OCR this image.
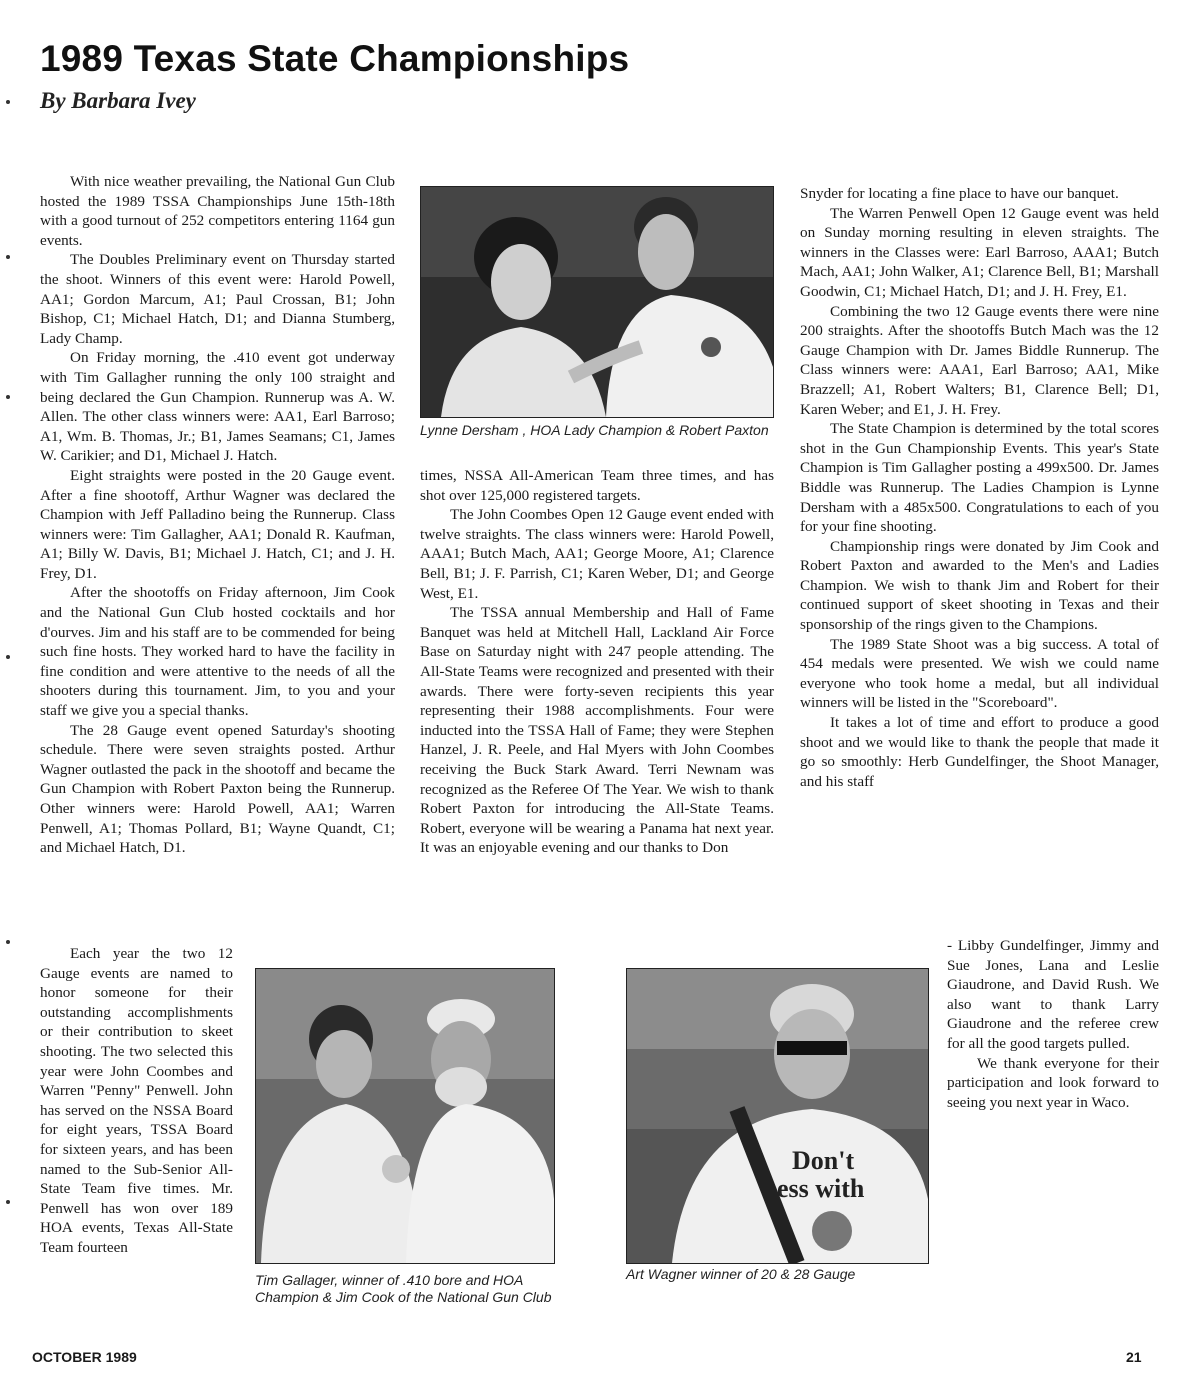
1989 Texas State Championships
By Barbara Ivey

With nice weather prevailing, the National Gun Club hosted the 1989 TSSA Championships June 15th-18th with a good turnout of 252 competitors entering 1164 gun events.

The Doubles Preliminary event on Thursday started the shoot. Winners of this event were: Harold Powell, AA1; Gordon Marcum, A1; Paul Crossan, B1; John Bishop, C1; Michael Hatch, D1; and Dianna Stumberg, Lady Champ.

On Friday morning, the .410 event got underway with Tim Gallagher running the only 100 straight and being declared the Gun Champion. Runnerup was A. W. Allen. The other class winners were: AA1, Earl Barroso; A1, Wm. B. Thomas, Jr.; B1, James Seamans; C1, James W. Carikier; and D1, Michael J. Hatch.

Eight straights were posted in the 20 Gauge event. After a fine shootoff, Arthur Wagner was declared the Champion with Jeff Palladino being the Runnerup. Class winners were: Tim Gallagher, AA1; Donald R. Kaufman, A1; Billy W. Davis, B1; Michael J. Hatch, C1; and J. H. Frey, D1.

After the shootoffs on Friday afternoon, Jim Cook and the National Gun Club hosted cocktails and hor d'ourves. Jim and his staff are to be commended for being such fine hosts. They worked hard to have the facility in fine condition and were attentive to the needs of all the shooters during this tournament. Jim, to you and your staff we give you a special thanks.

The 28 Gauge event opened Saturday's shooting schedule. There were seven straights posted. Arthur Wagner outlasted the pack in the shootoff and became the Gun Champion with Robert Paxton being the Runnerup. Other winners were: Harold Powell, AA1; Warren Penwell, A1; Thomas Pollard, B1; Wayne Quandt, C1; and Michael Hatch, D1.

Each year the two 12 Gauge events are named to honor someone for their outstanding accomplishments or their contribution to skeet shooting. The two selected this year were John Coombes and Warren "Penny" Penwell. John has served on the NSSA Board for eight years, TSSA Board for sixteen years, and has been named to the Sub-Senior All-State Team five times. Mr. Penwell has won over 189 HOA events, Texas All-State Team fourteen

Lynne Dersham , HOA Lady Champion & Robert Paxton

times, NSSA All-American Team three times, and has shot over 125,000 registered targets.

The John Coombes Open 12 Gauge event ended with twelve straights. The class winners were: Harold Powell, AAA1; Butch Mach, AA1; George Moore, A1; Clarence Bell, B1; J. F. Parrish, C1; Karen Weber, D1; and George West, E1.

The TSSA annual Membership and Hall of Fame Banquet was held at Mitchell Hall, Lackland Air Force Base on Saturday night with 247 people attending. The All-State Teams were recognized and presented with their awards. There were forty-seven recipients this year representing their 1988 accomplishments. Four were inducted into the TSSA Hall of Fame; they were Stephen Hanzel, J. R. Peele, and Hal Myers with John Coombes receiving the Buck Stark Award. Terri Newnam was recognized as the Referee Of The Year. We wish to thank Robert Paxton for introducing the All-State Teams. Robert, everyone will be wearing a Panama hat next year. It was an enjoyable evening and our thanks to Don

Snyder for locating a fine place to have our banquet.

The Warren Penwell Open 12 Gauge event was held on Sunday morning resulting in eleven straights. The winners in the Classes were: Earl Barroso, AAA1; Butch Mach, AA1; John Walker, A1; Clarence Bell, B1; Marshall Goodwin, C1; Michael Hatch, D1; and J. H. Frey, E1.

Combining the two 12 Gauge events there were nine 200 straights. After the shootoffs Butch Mach was the 12 Gauge Champion with Dr. James Biddle Runnerup. The Class winners were: AAA1, Earl Barroso; AA1, Mike Brazzell; A1, Robert Walters; B1, Clarence Bell; D1, Karen Weber; and E1, J. H. Frey.

The State Champion is determined by the total scores shot in the Gun Championship Events. This year's State Champion is Tim Gallagher posting a 499x500. Dr. James Biddle was Runnerup. The Ladies Champion is Lynne Dersham with a 485x500. Congratulations to each of you for your fine shooting.

Championship rings were donated by Jim Cook and Robert Paxton and awarded to the Men's and Ladies Champion. We wish to thank Jim and Robert for their continued support of skeet shooting in Texas and their sponsorship of the rings given to the Champions.

The 1989 State Shoot was a big success. A total of 454 medals were presented. We wish we could name everyone who took home a medal, but all individual winners will be listed in the "Scoreboard".

It takes a lot of time and effort to produce a good shoot and we would like to thank the people that made it go so smoothly: Herb Gundelfinger, the Shoot Manager, and his staff

- Libby Gundelfinger, Jimmy and Sue Jones, Lana and Leslie Giaudrone, and David Rush. We also want to thank Larry Giaudrone and the referee crew for all the good targets pulled.

We thank everyone for their participation and look forward to seeing you next year in Waco.

Tim Gallager, winner of .410 bore and HOA Champion & Jim Cook of the National Gun Club

Don't
ess with

Art Wagner winner of 20 & 28 Gauge

OCTOBER 1989	21
